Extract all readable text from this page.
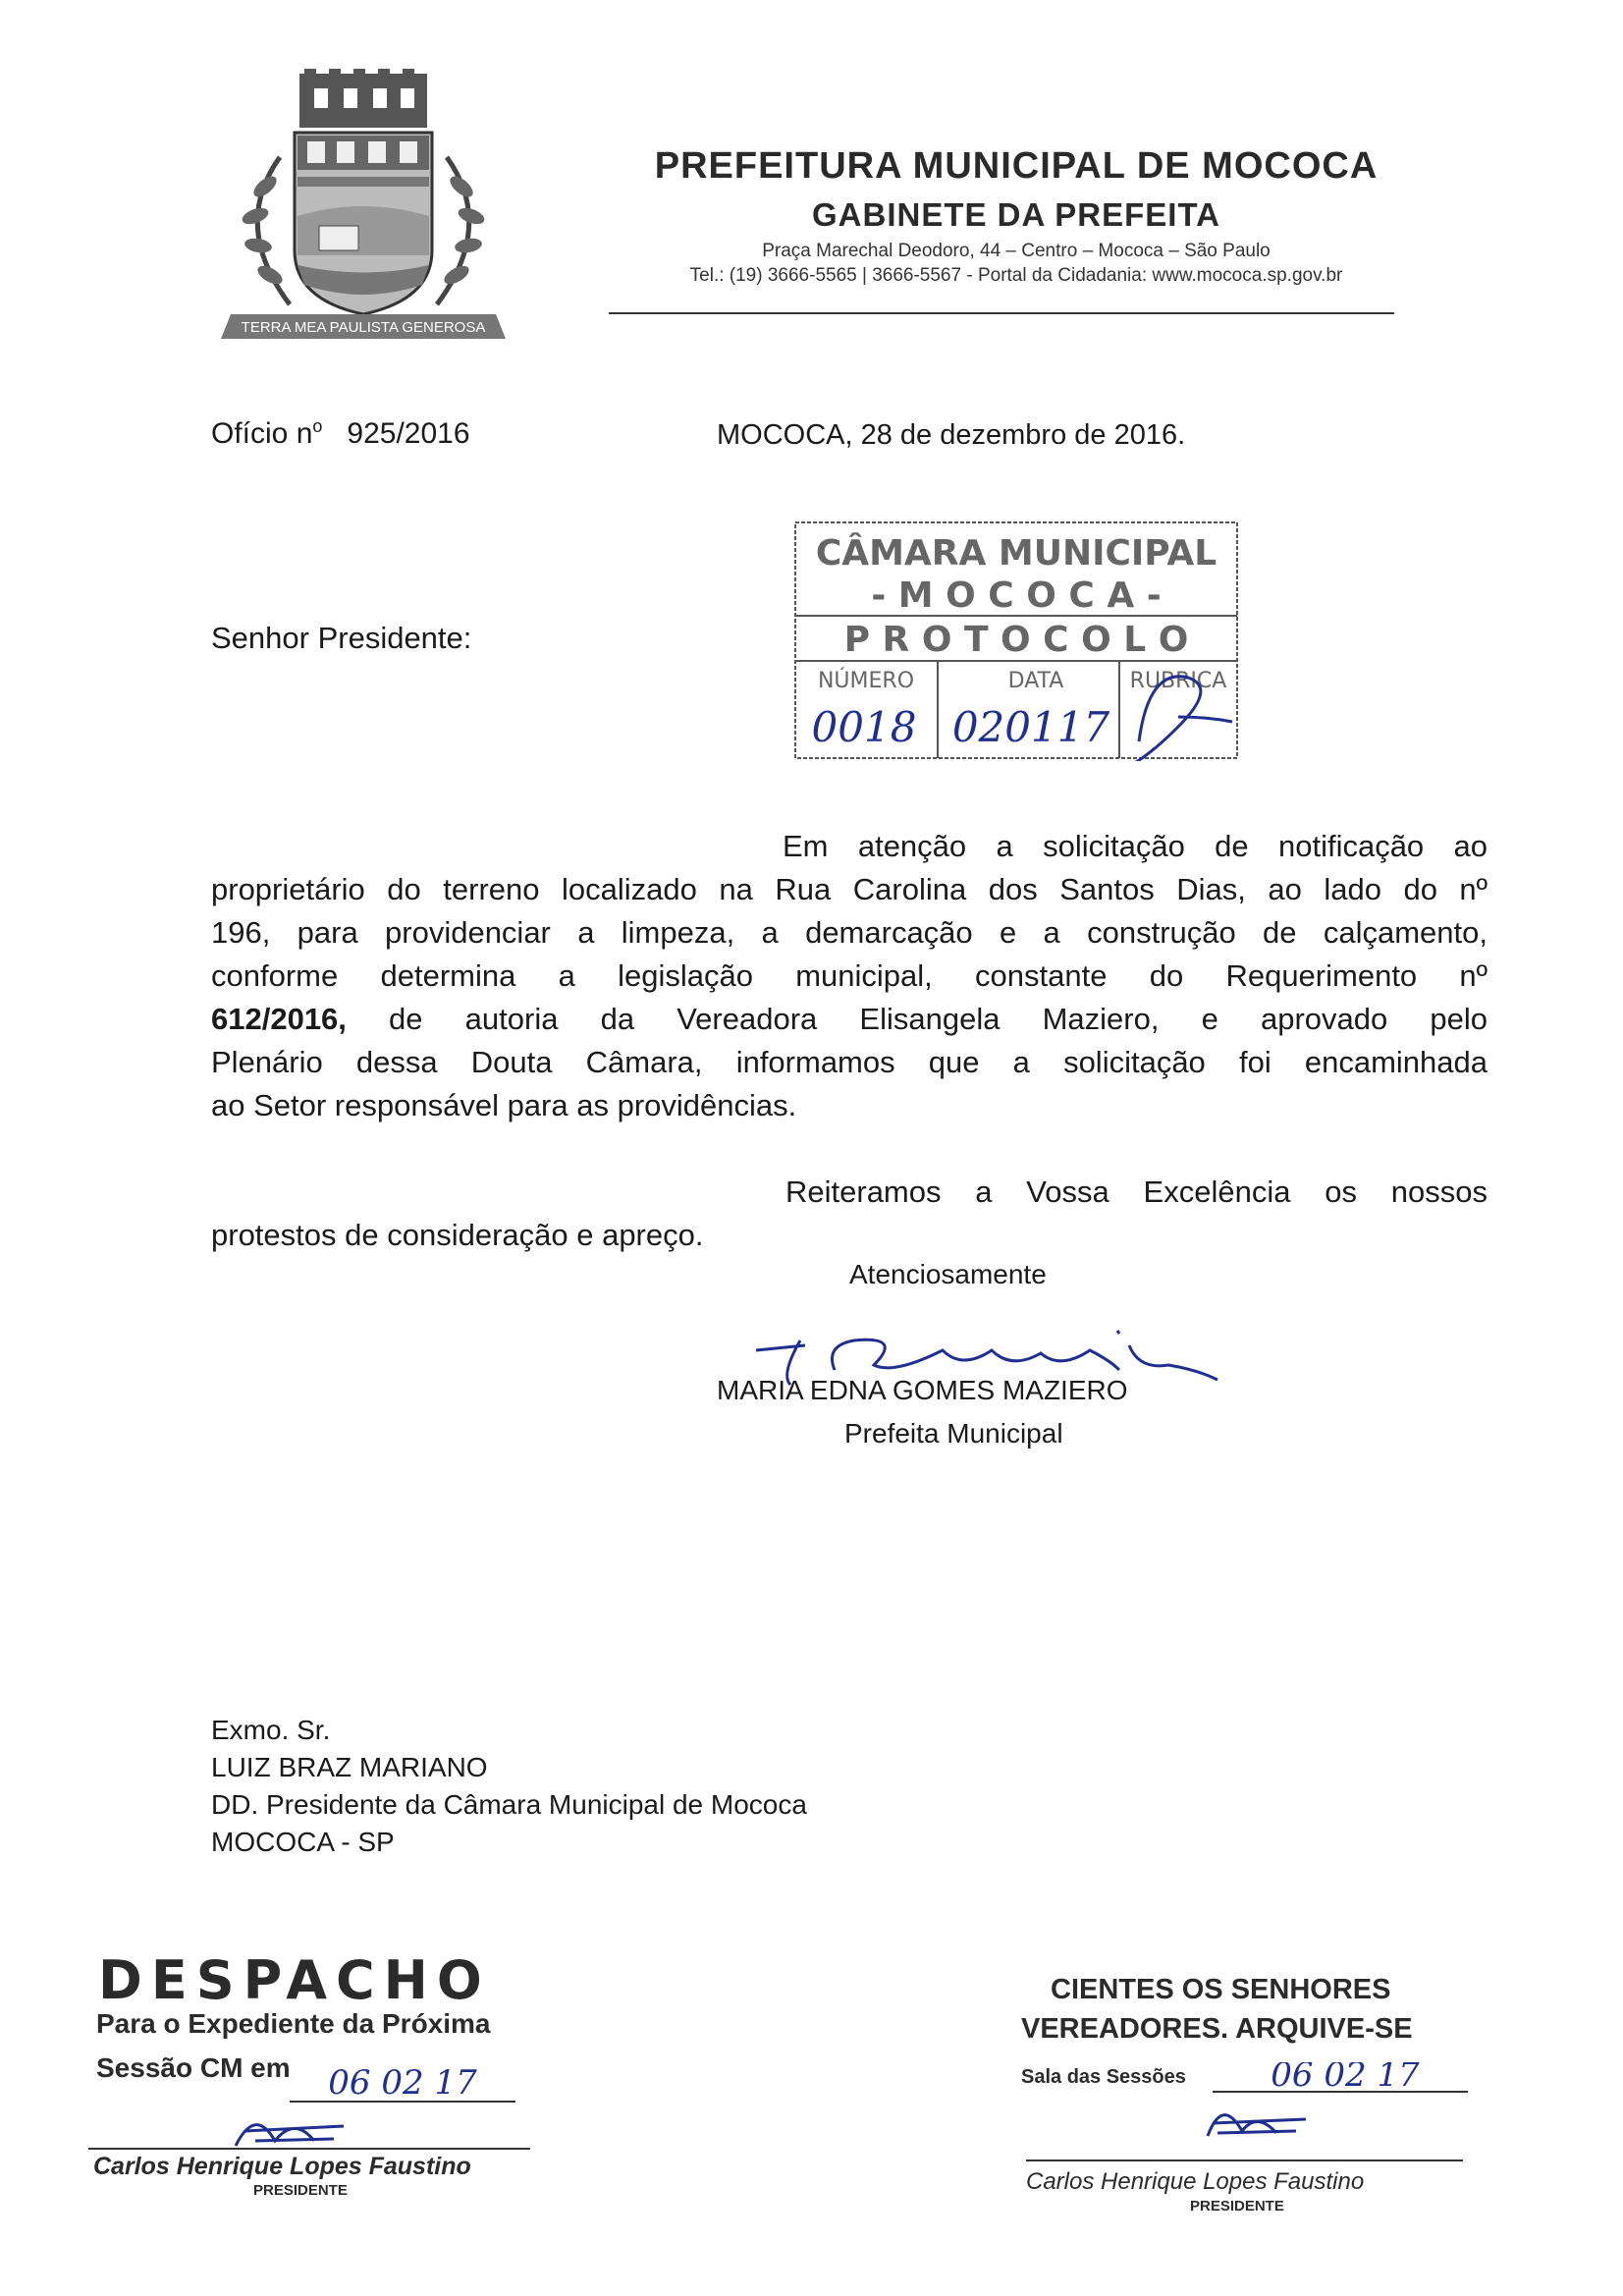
TERRA MEA PAULISTA GENEROSA
PREFEITURA MUNICIPAL DE MOCOCA
GABINETE DA PREFEITA
Praça Marechal Deodoro, 44 – Centro – Mococa – São Paulo
Tel.: (19) 3666-5565 | 3666-5567 - Portal da Cidadania: www.mococa.sp.gov.br
Ofício $n^o$ 925/2016	MOCOCA, 28 de dezembro de 2016.
CÂMARA MUNICIPAL
- M O C O C A -
P R O T O C O L O
NÚMERO	DATA	RUBRICA
0018 020117
Senhor Presidente:
Em atenção a solicitação de notificação ao
proprietário do terreno localizado na Rua Carolina dos Santos Dias, ao lado do nº
196, para providenciar a limpeza, a demarcação e a construção de calçamento,
conforme determina a legislação municipal, constante do Requerimento nº
612/2016, de autoria da Vereadora Elisangela Maziero, e aprovado pelo
Plenário dessa Douta Câmara, informamos que a solicitação foi encaminhada
ao Setor responsável para as providências.
Reiteramos a Vossa Excelência os nossos
protestos de consideração e apreço.
Atenciosamente
MARIA EDNA GOMES MAZIERO
Prefeita Municipal
Exmo. Sr.
LUIZ BRAZ MARIANO
DD. Presidente da Câmara Municipal de Mococa
MOCOCA - SP
DESPACHO
Para o Expediente da Próxima
Sessão CM em 06 02 17
Carlos Henrique Lopes Faustino
PRESIDENTE
CIENTES OS SENHORES
VEREADORES. ARQUIVE-SE
Sala das Sessões	06 02 17
Carlos Henrique Lopes Faustino
PRESIDENTE
